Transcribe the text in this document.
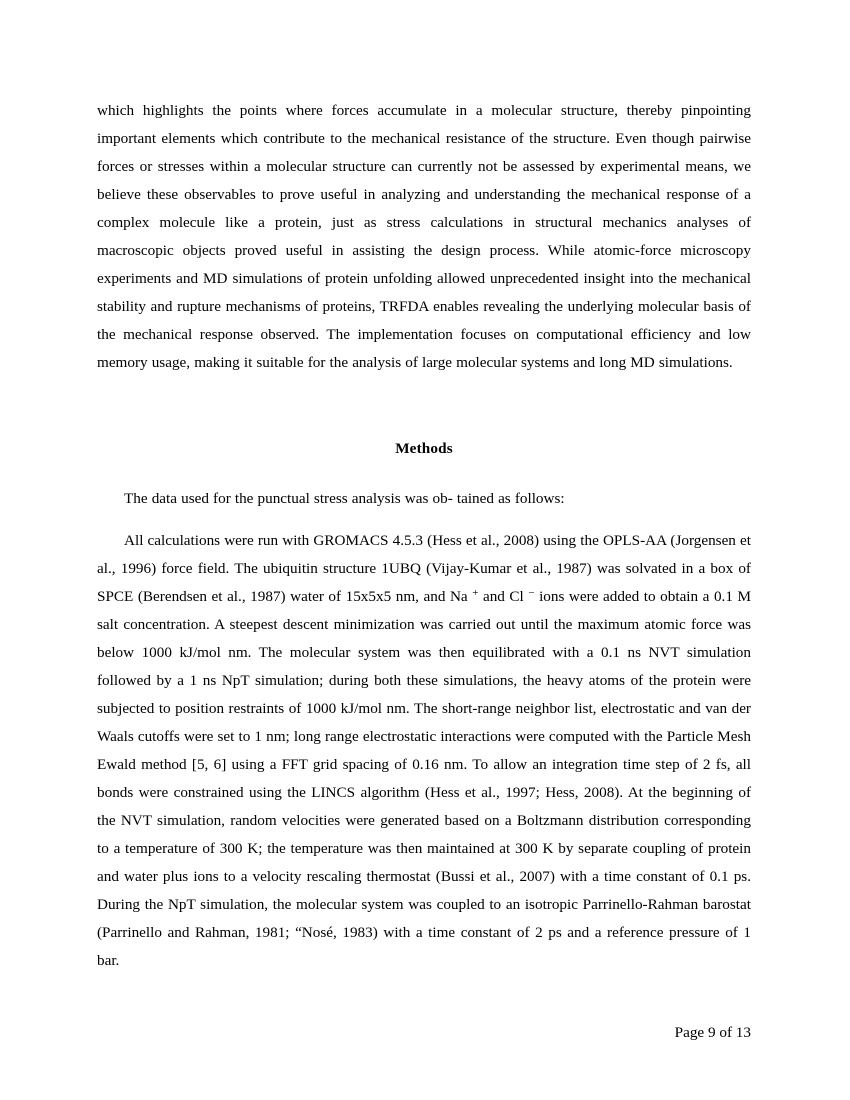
which highlights the points where forces accumulate in a molecular structure, thereby pinpointing important elements which contribute to the mechanical resistance of the structure. Even though pairwise forces or stresses within a molecular structure can currently not be assessed by experimental means, we believe these observables to prove useful in analyzing and understanding the mechanical response of a complex molecule like a protein, just as stress calculations in structural mechanics analyses of macroscopic objects proved useful in assisting the design process. While atomic-force microscopy experiments and MD simulations of protein unfolding allowed unprecedented insight into the mechanical stability and rupture mechanisms of proteins, TRFDA enables revealing the underlying molecular basis of the mechanical response observed. The implementation focuses on computational efficiency and low memory usage, making it suitable for the analysis of large molecular systems and long MD simulations.

Methods

The data used for the punctual stress analysis was ob- tained as follows:

All calculations were run with GROMACS 4.5.3 (Hess et al., 2008) using the OPLS-AA (Jorgensen et al., 1996) force field. The ubiquitin structure 1UBQ (Vijay-Kumar et al., 1987) was solvated in a box of SPCE (Berendsen et al., 1987) water of 15x5x5 nm, and Na + and Cl − ions were added to obtain a 0.1 M salt concentration. A steepest descent minimization was carried out until the maximum atomic force was below 1000 kJ/mol nm. The molecular system was then equilibrated with a 0.1 ns NVT simulation followed by a 1 ns NpT simulation; during both these simulations, the heavy atoms of the protein were subjected to position restraints of 1000 kJ/mol nm. The short-range neighbor list, electrostatic and van der Waals cutoffs were set to 1 nm; long range electrostatic interactions were computed with the Particle Mesh Ewald method [5, 6] using a FFT grid spacing of 0.16 nm. To allow an integration time step of 2 fs, all bonds were constrained using the LINCS algorithm (Hess et al., 1997; Hess, 2008). At the beginning of the NVT simulation, random velocities were generated based on a Boltzmann distribution corresponding to a temperature of 300 K; the temperature was then maintained at 300 K by separate coupling of protein and water plus ions to a velocity rescaling thermostat (Bussi et al., 2007) with a time constant of 0.1 ps. During the NpT simulation, the molecular system was coupled to an isotropic Parrinello-Rahman barostat (Parrinello and Rahman, 1981; “Nosé, 1983) with a time constant of 2 ps and a reference pressure of 1 bar.

Page 9 of 13
